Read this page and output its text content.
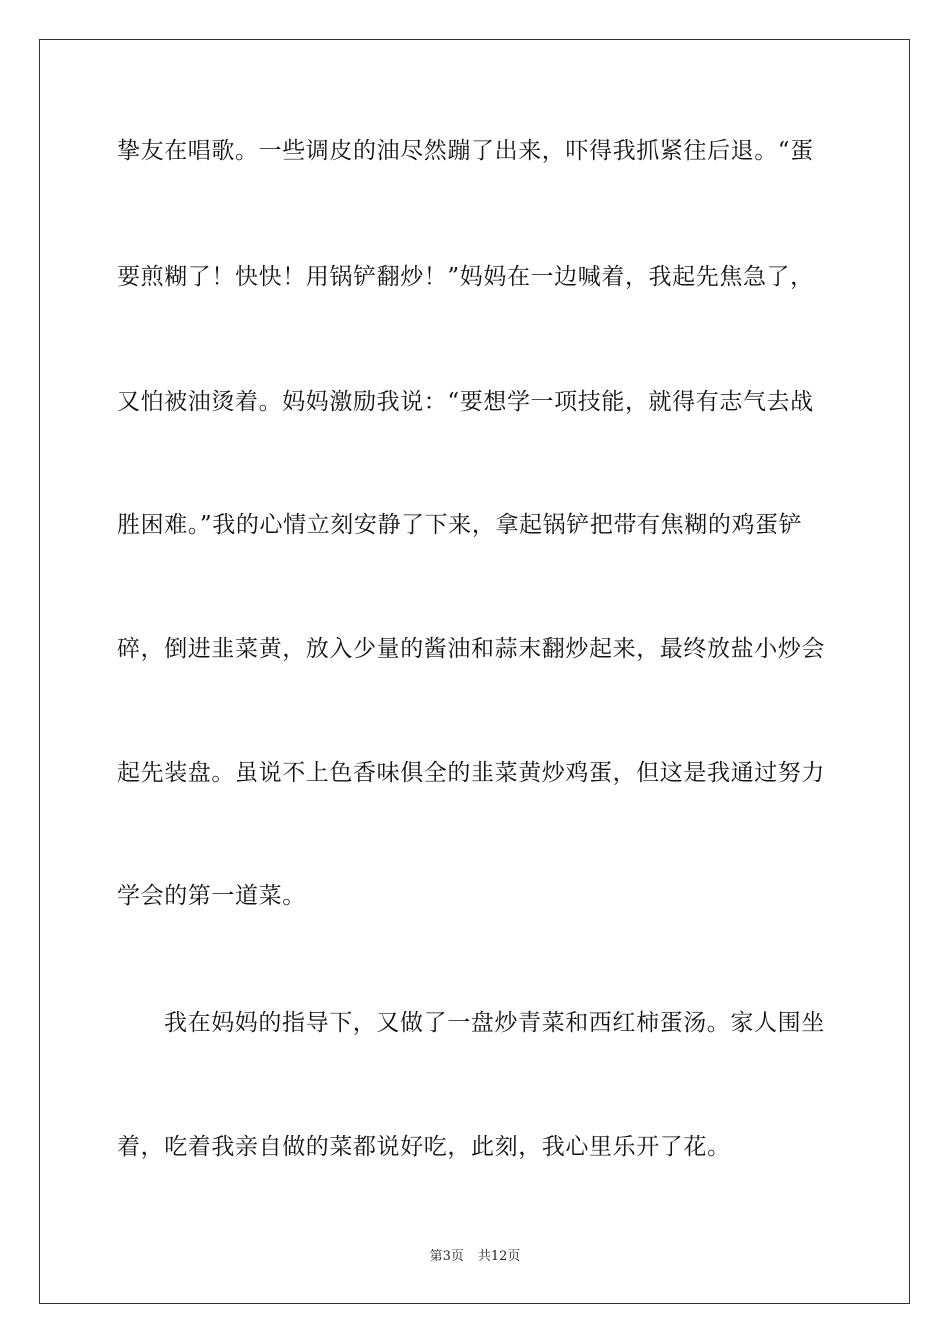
挚友在唱歌。一些调皮的油尽然蹦了出来，吓得我抓紧往后退。“蛋
要煎糊了！快快！用锅铲翻炒！”妈妈在一边喊着，我起先焦急了，
又怕被油烫着。妈妈激励我说：“要想学一项技能，就得有志气去战
胜困难。”我的心情立刻安静了下来，拿起锅铲把带有焦糊的鸡蛋铲
碎，倒进韭菜黄，放入少量的酱油和蒜末翻炒起来，最终放盐小炒会
起先装盘。虽说不上色香味俱全的韭菜黄炒鸡蛋，但这是我通过努力
学会的第一道菜。
我在妈妈的指导下，又做了一盘炒青菜和西红柿蛋汤。家人围坐
着，吃着我亲自做的菜都说好吃，此刻，我心里乐开了花。
第3页 共12页
